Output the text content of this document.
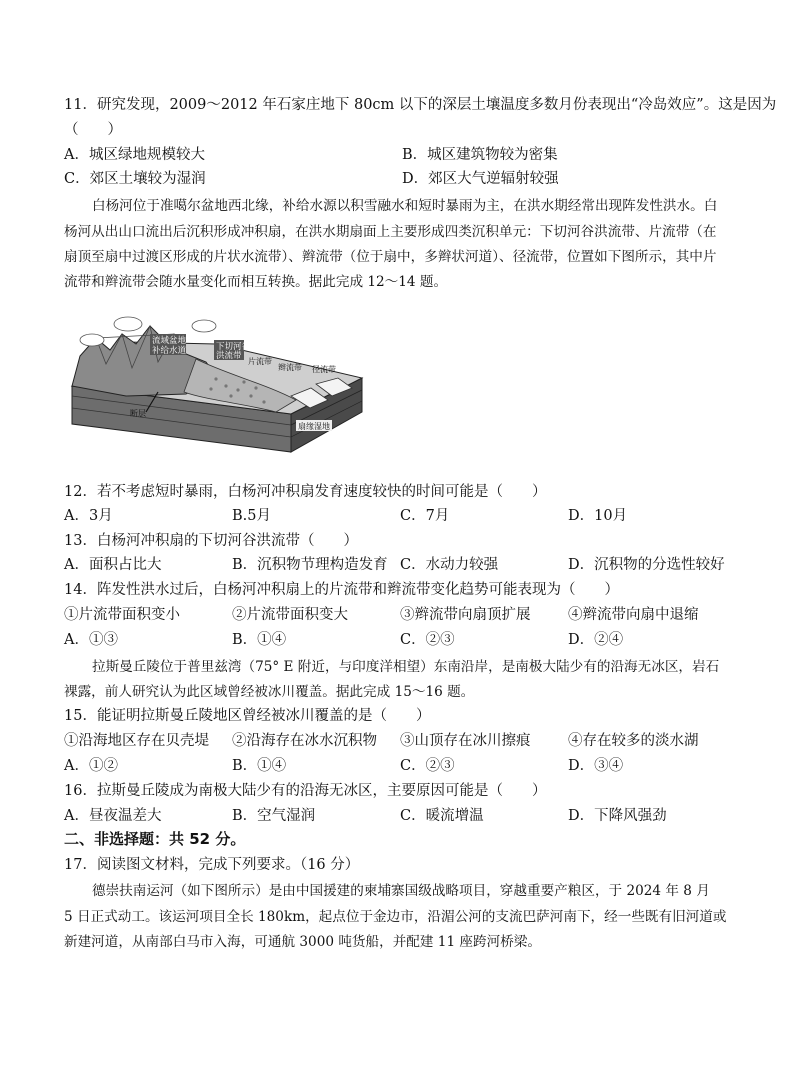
11．研究发现，2009～2012 年石家庄地下 80cm 以下的深层土壤温度多数月份表现出“冷岛效应”。这是因为
（　　）
A．城区绿地规模较大	B．城区建筑物较为密集
C．郊区土壤较为湿润	D．郊区大气逆辐射较强
白杨河位于准噶尔盆地西北缘，补给水源以积雪融水和短时暴雨为主，在洪水期经常出现阵发性洪水。白
杨河从出山口流出后沉积形成冲积扇，在洪水期扇面上主要形成四类沉积单元：下切河谷洪流带、片流带（在
扇顶至扇中过渡区形成的片状水流带）、辫流带（位于扇中，多辫状河道）、径流带，位置如下图所示，其中片
流带和辫流带会随水量变化而相互转换。据此完成 12～14 题。
流域盆地
补给水道	下切河谷
洪流带
片流带
辫流带 径流带
断层
扇缘湿地
12．若不考虑短时暴雨，白杨河冲积扇发育速度较快的时间可能是（　　）
A．3月	B.5月	C．7月	D．10月
13．白杨河冲积扇的下切河谷洪流带（　　）
A．面积占比大	B．沉积物节理构造发育 C．水动力较强	D．沉积物的分选性较好
14．阵发性洪水过后，白杨河冲积扇上的片流带和辫流带变化趋势可能表现为（　　）
①片流带面积变小	②片流带面积变大	③辫流带向扇顶扩展	④辫流带向扇中退缩
A．①③	B．①④	C．②③	D．②④
拉斯曼丘陵位于普里兹湾（75° E 附近，与印度洋相望）东南沿岸，是南极大陆少有的沿海无冰区，岩石
裸露，前人研究认为此区域曾经被冰川覆盖。据此完成 15～16 题。
15．能证明拉斯曼丘陵地区曾经被冰川覆盖的是（　　）
①沿海地区存在贝壳堤 ②沿海存在冰水沉积物 ③山顶存在冰川擦痕	④存在较多的淡水湖
A．①②	B．①④	C．②③	D．③④
16．拉斯曼丘陵成为南极大陆少有的沿海无冰区，主要原因可能是（　　）
A．昼夜温差大	B．空气湿润	C．暖流增温	D．下降风强劲
二、非选择题：共 52 分。
17．阅读图文材料，完成下列要求。（16 分）
德崇扶南运河（如下图所示）是由中国援建的柬埔寨国级战略项目，穿越重要产粮区，于 2024 年 8 月
5 日正式动工。该运河项目全长 180km，起点位于金边市，沿湄公河的支流巴萨河南下，经一些既有旧河道或
新建河道，从南部白马市入海，可通航 3000 吨货船，并配建 11 座跨河桥梁。
